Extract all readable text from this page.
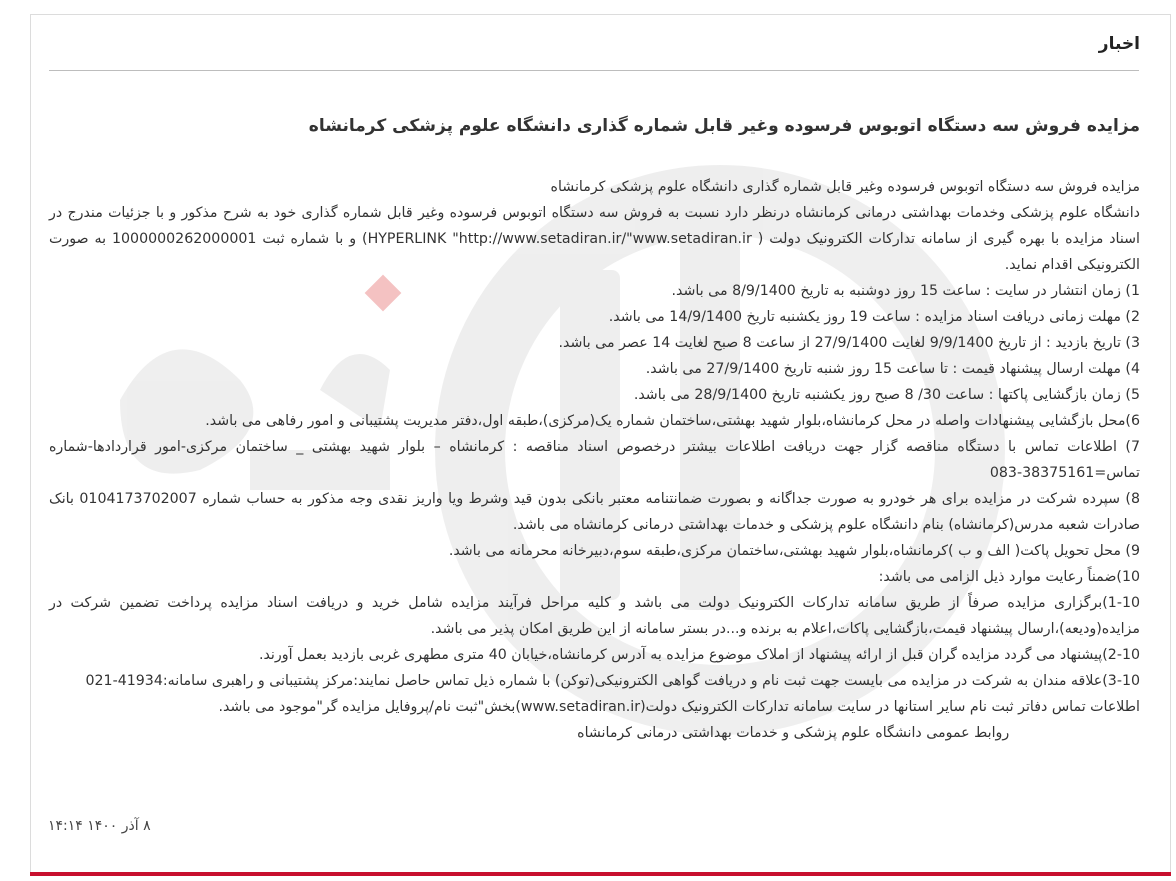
اخبار
مزایده فروش سه دستگاه اتوبوس فرسوده وغیر قابل شماره گذاری دانشگاه علوم پزشکی کرمانشاه

مزایده فروش سه دستگاه اتوبوس فرسوده وغیر قابل شماره گذاری دانشگاه علوم پزشکی کرمانشاه

دانشگاه علوم پزشکی وخدمات بهداشتی درمانی کرمانشاه درنظر دارد نسبت به فروش سه دستگاه اتوبوس فرسوده وغیر قابل شماره گذاری خود به شرح مذکور و با جزئیات مندرج در اسناد مزایده با بهره گیری از سامانه تدارکات الکترونیک دولت ( HYPERLINK "http://www.setadiran.ir/"www.setadiran.ir) و با شماره ثبت 1000000262000001 به صورت الکترونیکی اقدام نماید.

1) زمان انتشار در سایت : ساعت 15 روز دوشنبه به تاریخ 8/9/1400 می باشد.

2) مهلت زمانی دریافت اسناد مزایده : ساعت 19 روز یکشنبه تاریخ 14/9/1400 می باشد.

3) تاریخ بازدید : از تاریخ 9/9/1400 لغایت 27/9/1400 از ساعت 8 صبح لغایت 14 عصر می باشد.

4) مهلت ارسال پیشنهاد قیمت : تا ساعت 15 روز شنبه تاریخ 27/9/1400 می باشد.

5) زمان بازگشایی پاکتها : ساعت 30/ 8 صبح روز یکشنبه تاریخ 28/9/1400 می باشد.

6)محل بازگشایی پیشنهادات واصله در محل کرمانشاه،بلوار شهید بهشتی،ساختمان شماره یک(مرکزی)،طبقه اول،دفتر مدیریت پشتیبانی و امور رفاهی می باشد.

7) اطلاعات تماس با دستگاه مناقصه گزار جهت دریافت اطلاعات بیشتر درخصوص اسناد مناقصه : کرمانشاه – بلوار شهید بهشتی _ ساختمان مرکزی-امور قراردادها-شماره تماس=38375161-083

8) سپرده شرکت در مزایده برای هر خودرو به صورت جداگانه و بصورت ضمانتنامه معتبر بانکی بدون قید وشرط ویا واریز نقدی وجه مذکور به حساب شماره 0104173702007 بانک صادرات شعبه مدرس(کرمانشاه) بنام دانشگاه علوم پزشکی و خدمات بهداشتی درمانی کرمانشاه می باشد.

9) محل تحویل پاکت( الف و ب )کرمانشاه،بلوار شهید بهشتی،ساختمان مرکزی،طبقه سوم،دبیرخانه محرمانه می باشد.

10)ضمناً رعایت موارد ذیل الزامی می باشد:

1-10)برگزاری مزایده صرفاً از طریق سامانه تدارکات الکترونیک دولت می باشد و کلیه مراحل فرآیند مزایده شامل خرید و دریافت اسناد مزایده پرداخت تضمین شرکت در مزایده(ودیعه)،ارسال پیشنهاد قیمت،بازگشایی پاکات،اعلام به برنده و...در بستر سامانه از این طریق امکان پذیر می باشد.

2-10)پیشنهاد می گردد مزایده گران قبل از ارائه پیشنهاد از املاک موضوع مزایده به آدرس کرمانشاه،خیابان 40 متری مطهری غربی بازدید بعمل آورند.

3-10)علاقه مندان به شرکت در مزایده می بایست جهت ثبت نام و دریافت گواهی الکترونیکی(توکن) با شماره ذیل تماس حاصل نمایند:مرکز پشتیبانی و راهبری سامانه:41934-021

اطلاعات تماس دفاتر ثبت نام سایر استانها در سایت سامانه تدارکات الکترونیک دولت(www.setadiran.ir)بخش"ثبت نام/پروفایل مزایده گر"موجود می باشد.

روابط عمومی دانشگاه علوم پزشکی و خدمات بهداشتی درمانی کرمانشاه

۸ آذر ۱۴۰۰ ۱۴:۱۴
